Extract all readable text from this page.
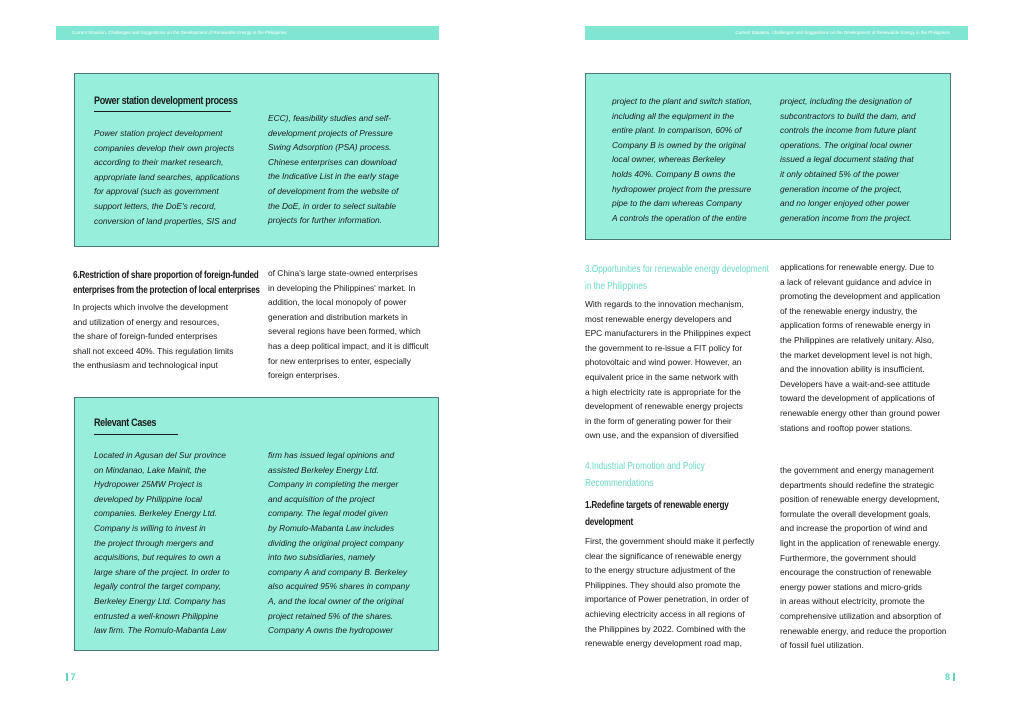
Current Situation, Challenges and Suggestions on the Development of Renewable Energy in the Philippines	Current Situation, Challenges and Suggestions on the Development of Renewable Energy in the Philippines
Power station development process
Power station project development
companies develop their own projects
according to their market research,
appropriate land searches, applications
for approval (such as government
support letters, the DoE's record,
conversion of land properties, SIS and
ECC), feasibility studies and self-
development projects of Pressure
Swing Adsorption (PSA) process.
Chinese enterprises can download
the Indicative List in the early stage
of development from the website of
the DoE, in order to select suitable
projects for further information.
6.Restriction of share proportion of foreign-funded
enterprises from the protection of local enterprises
In projects which involve the development
and utilization of energy and resources,
the share of foreign-funded enterprises
shall not exceed 40%. This regulation limits
the enthusiasm and technological input
of China's large state-owned enterprises
in developing the Philippines' market. In
addition, the local monopoly of power
generation and distribution markets in
several regions have been formed, which
has a deep political impact, and it is difficult
for new enterprises to enter, especially
foreign enterprises.
Relevant Cases
Located in Agusan del Sur province
on Mindanao, Lake Mainit, the
Hydropower 25MW Project is
developed by Philippine local
companies. Berkeley Energy Ltd.
Company is willing to invest in
the project through mergers and
acquisitions, but requires to own a
large share of the project. In order to
legally control the target company,
Berkeley Energy Ltd. Company has
entrusted a well-known Philippine
law firm. The Romulo-Mabanta Law
firm has issued legal opinions and
assisted Berkeley Energy Ltd.
Company in completing the merger
and acquisition of the project
company. The legal model given
by Romulo-Mabanta Law includes
dividing the original project company
into two subsidiaries, namely
company A and company B. Berkeley
also acquired 95% shares in company
A, and the local owner of the original
project retained 5% of the shares.
Company A owns the hydropower
7
project to the plant and switch station,
including all the equipment in the
entire plant. In comparison, 60% of
Company B is owned by the original
local owner, whereas Berkeley
holds 40%. Company B owns the
hydropower project from the pressure
pipe to the dam whereas Company
A controls the operation of the entire
project, including the designation of
subcontractors to build the dam, and
controls the income from future plant
operations. The original local owner
issued a legal document stating that
it only obtained 5% of the power
generation income of the project,
and no longer enjoyed other power
generation income from the project.
3.Opportunities for renewable energy development
in the Philippines
With regards to the innovation mechanism,
most renewable energy developers and
EPC manufacturers in the Philippines expect
the government to re-issue a FIT policy for
photovoltaic and wind power. However, an
equivalent price in the same network with
a high electricity rate is appropriate for the
development of renewable energy projects
in the form of generating power for their
own use, and the expansion of diversified
applications for renewable energy. Due to
a lack of relevant guidance and advice in
promoting the development and application
of the renewable energy industry, the
application forms of renewable energy in
the Philippines are relatively unitary. Also,
the market development level is not high,
and the innovation ability is insufficient.
Developers have a wait-and-see attitude
toward the development of applications of
renewable energy other than ground power
stations and rooftop power stations.
4.Industrial Promotion and Policy
Recommendations
1.Redefine targets of renewable energy
development
First, the government should make it perfectly
clear the significance of renewable energy
to the energy structure adjustment of the
Philippines. They should also promote the
importance of Power penetration, in order of
achieving electricity access in all regions of
the Philippines by 2022. Combined with the
renewable energy development road map,
the government and energy management
departments should redefine the strategic
position of renewable energy development,
formulate the overall development goals,
and increase the proportion of wind and
light in the application of renewable energy.
Furthermore, the government should
encourage the construction of renewable
energy power stations and micro-grids
in areas without electricity, promote the
comprehensive utilization and absorption of
renewable energy, and reduce the proportion
of fossil fuel utilization.
8
